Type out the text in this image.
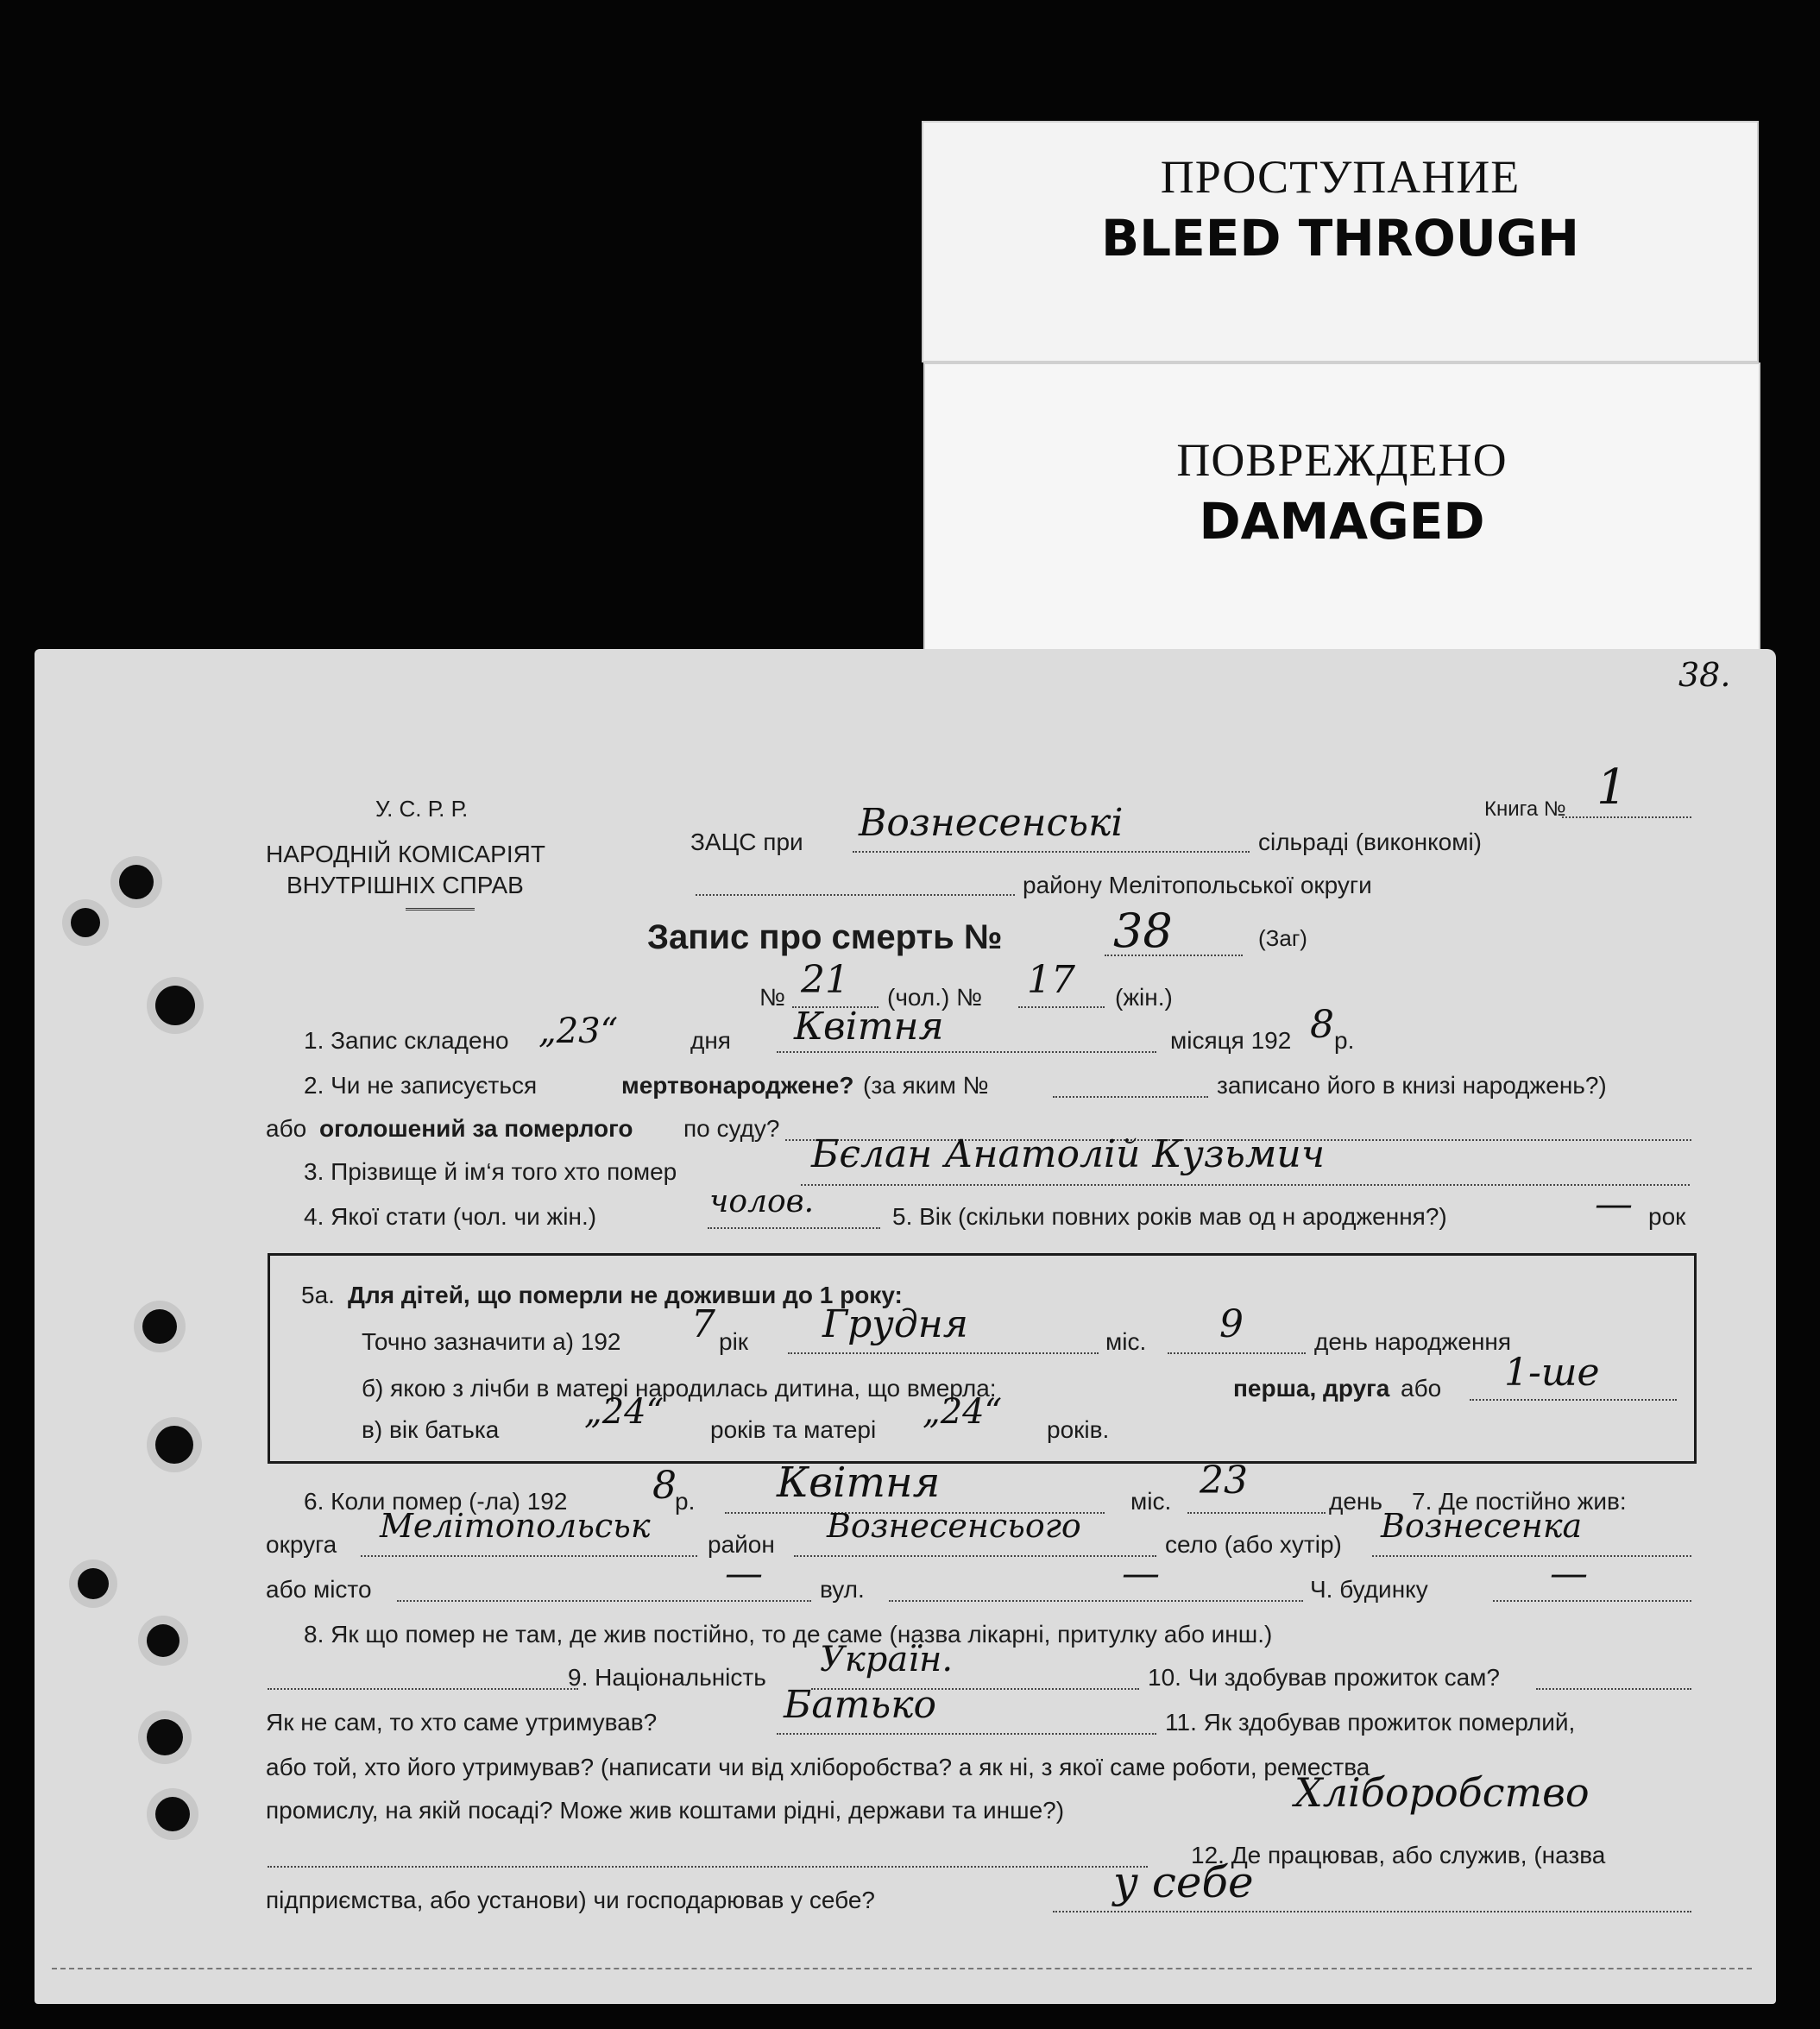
ПРОСТУПАНИЕ
BLEED THROUGH
ПОВРЕЖДЕНО
DAMAGED
38.
У. С. Р. Р.
НАРОДНІЙ КОМІСАРІЯТ
ВНУТРІШНІХ СПРАВ
ЗАЦС при Вознесенські	сільраді (виконкомі)
району Мелітопольської округи
Книга № 1
Запис про смерть № 38	(Заг)
№ 21 (чол.) № 17 (жін.)
1. Запис складено „23“	дня Квітня	місяця 192 8 р.
2. Чи не записується	мертвонароджене? (за яким №	записано його в книзі народжень?)
або оголошений за померлого по суду?
3. Прізвище й ім‘я того хто помер	Бєлан Анатолій Кузьмич
4. Якої стати (чол. чи жін.)	чолов.	5. Вік (скільки повних років мав од н ародження?)	— рок
5а. Для дітей, що померли не доживши до 1 року:
Точно зазначити а) 192 7 рік Грудня	міс. 9	день народження
б) якою з лічби в матері народилась дитина, що вмерла:	перша, друга або 1-ше
в) вік батька „24“ років та матері „24“ років.
6. Коли помер (-ла) 192 8
р. Квітня	міс. 23	день 7. Де постійно жив:
округа Мелітопольськ район Вознесенсього	село (або хутір) Вознесенка
або місто	— вул.	—	Ч. будинку	—
8. Як що помер не там, де жив постійно, то де саме (назва лікарні, притулку або инш.)
9. Національність Україн.	10. Чи здобував прожиток сам?
Як не сам, то хто саме утримував?	Батько	11. Як здобував прожиток померлий,
або той, хто його утримував? (написати чи від хліборобства? а як ні, з якої саме роботи, ремества
промислу, на якій посаді? Може жив коштами рідні, держави та инше?)	Хліборобство
12. Де працював, або служив, (назва
підприємства, або установи) чи господарював у себе?	у себе
